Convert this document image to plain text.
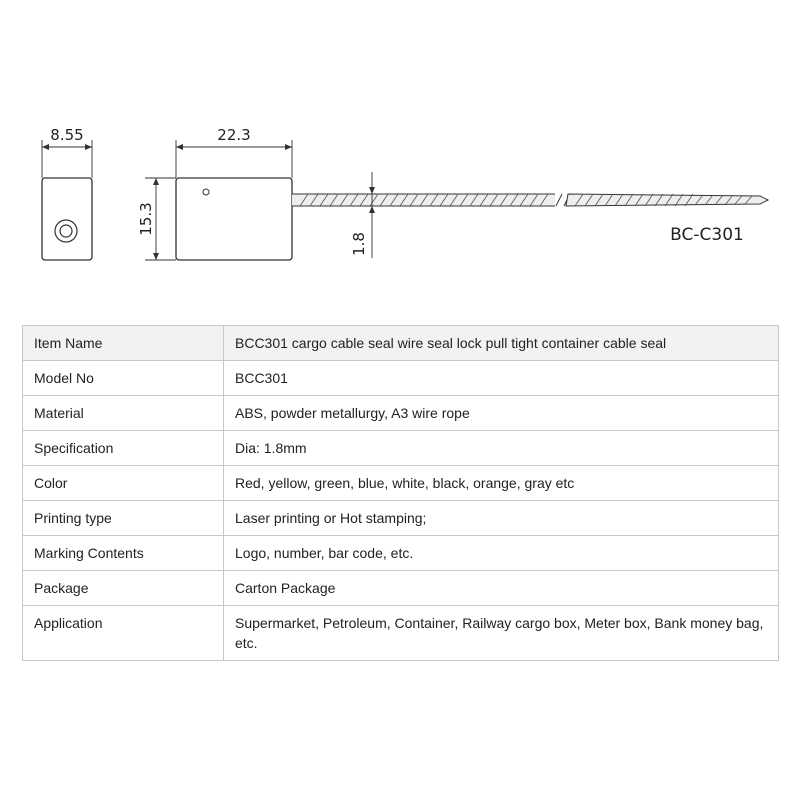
8.55	22.3
15.3
1.8	BC-C301
Item Name	BCC301 cargo cable seal wire seal lock pull tight container cable seal
Model No	BCC301
Material	ABS, powder metallurgy, A3 wire rope
Specification	Dia: 1.8mm
Color	Red, yellow, green, blue, white, black, orange, gray etc
Printing type	Laser printing or Hot stamping;
Marking Contents	Logo, number, bar code, etc.
Package	Carton Package
Application	Supermarket, Petroleum, Container, Railway cargo box, Meter box, Bank money bag, etc.
